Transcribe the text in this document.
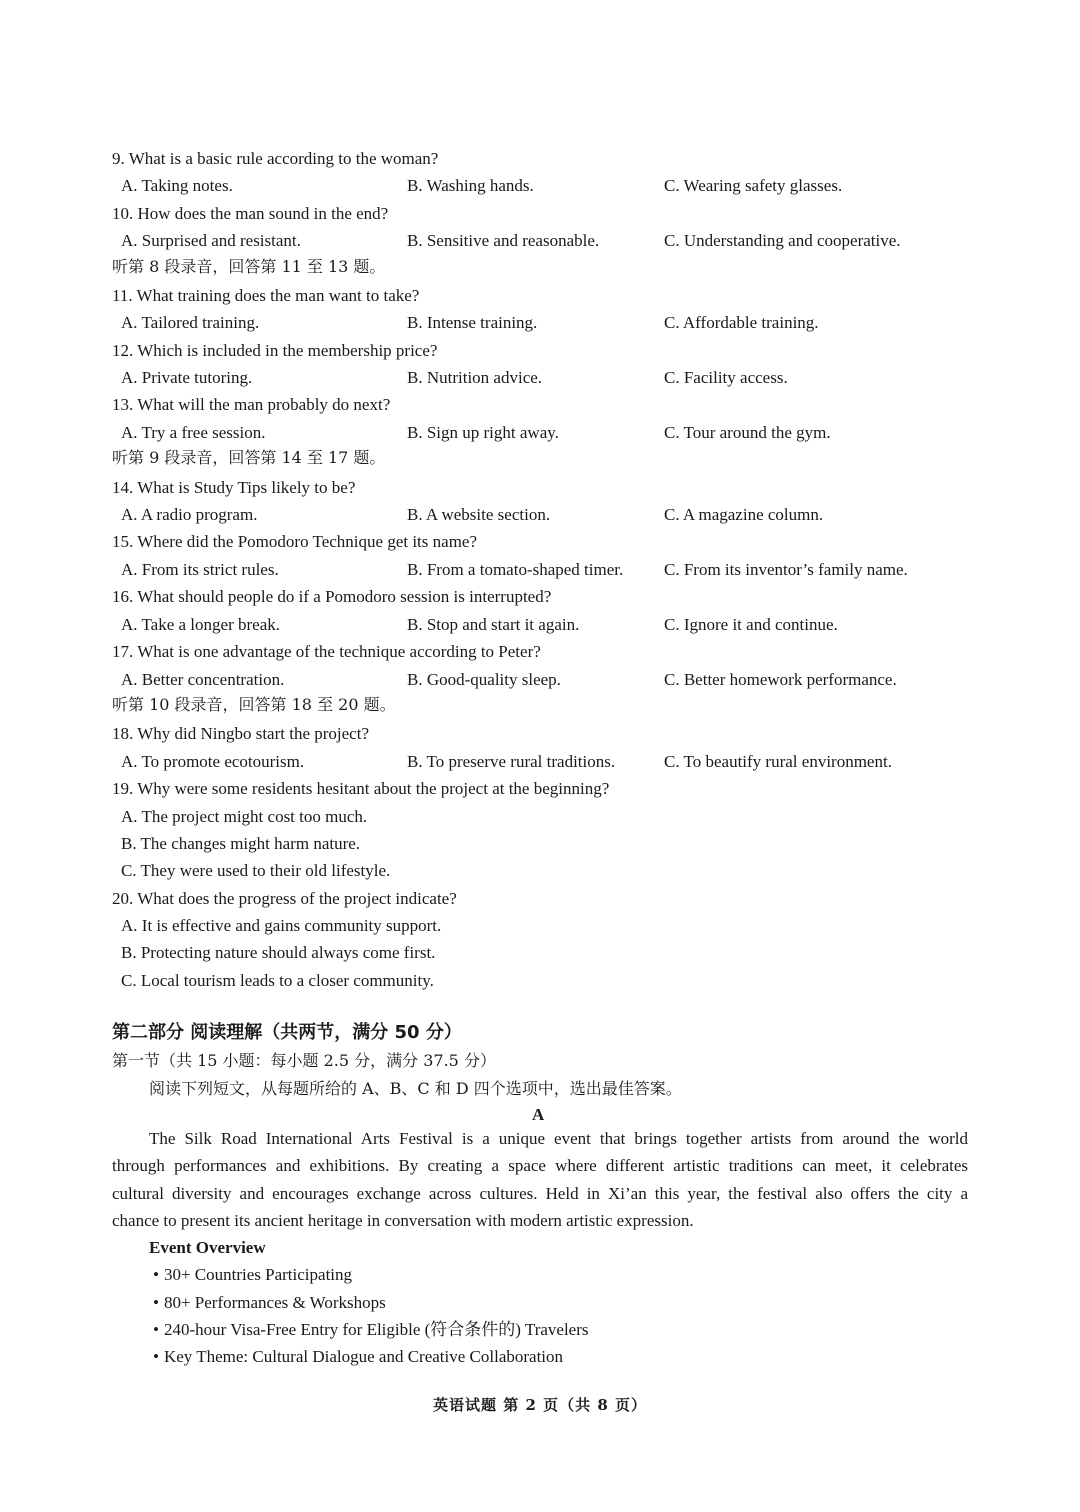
9. What is a basic rule according to the woman?
A. Taking notes.	B. Washing hands.	C. Wearing safety glasses.
10. How does the man sound in the end?
A. Surprised and resistant.	B. Sensitive and reasonable.	C. Understanding and cooperative.
听第 8 段录音，回答第 11 至 13 题。
11. What training does the man want to take?
A. Tailored training.	B. Intense training.	C. Affordable training.
12. Which is included in the membership price?
A. Private tutoring.	B. Nutrition advice.	C. Facility access.
13. What will the man probably do next?
A. Try a free session.	B. Sign up right away.	C. Tour around the gym.
听第 9 段录音，回答第 14 至 17 题。
14. What is Study Tips likely to be?
A. A radio program.	B. A website section.	C. A magazine column.
15. Where did the Pomodoro Technique get its name?
A. From its strict rules.	B. From a tomato-shaped timer. C. From its inventor’s family name.
16. What should people do if a Pomodoro session is interrupted?
A. Take a longer break.	B. Stop and start it again.	C. Ignore it and continue.
17. What is one advantage of the technique according to Peter?
A. Better concentration.	B. Good-quality sleep.	C. Better homework performance.
听第 10 段录音，回答第 18 至 20 题。
18. Why did Ningbo start the project?
A. To promote ecotourism.	B. To preserve rural traditions.	C. To beautify rural environment.
19. Why were some residents hesitant about the project at the beginning?
A. The project might cost too much.
B. The changes might harm nature.
C. They were used to their old lifestyle.
20. What does the progress of the project indicate?
A. It is effective and gains community support.
B. Protecting nature should always come first.
C. Local tourism leads to a closer community.
第二部分 阅读理解（共两节，满分 50 分）
第一节（共 15 小题：每小题 2.5 分，满分 37.5 分）
阅读下列短文，从每题所给的 A、B、C 和 D 四个选项中，选出最佳答案。
A
The Silk Road International Arts Festival is a unique event that brings together artists from around the world
through performances and exhibitions. By creating a space where different artistic traditions can meet, it celebrates
cultural diversity and encourages exchange across cultures. Held in Xi’an this year, the festival also offers the city a
chance to present its ancient heritage in conversation with modern artistic expression.
Event Overview
• 30+ Countries Participating
• 80+ Performances & Workshops
• 240-hour Visa-Free Entry for Eligible (符合条件的) Travelers
• Key Theme: Cultural Dialogue and Creative Collaboration
英语试题 第 2 页（共 8 页）
